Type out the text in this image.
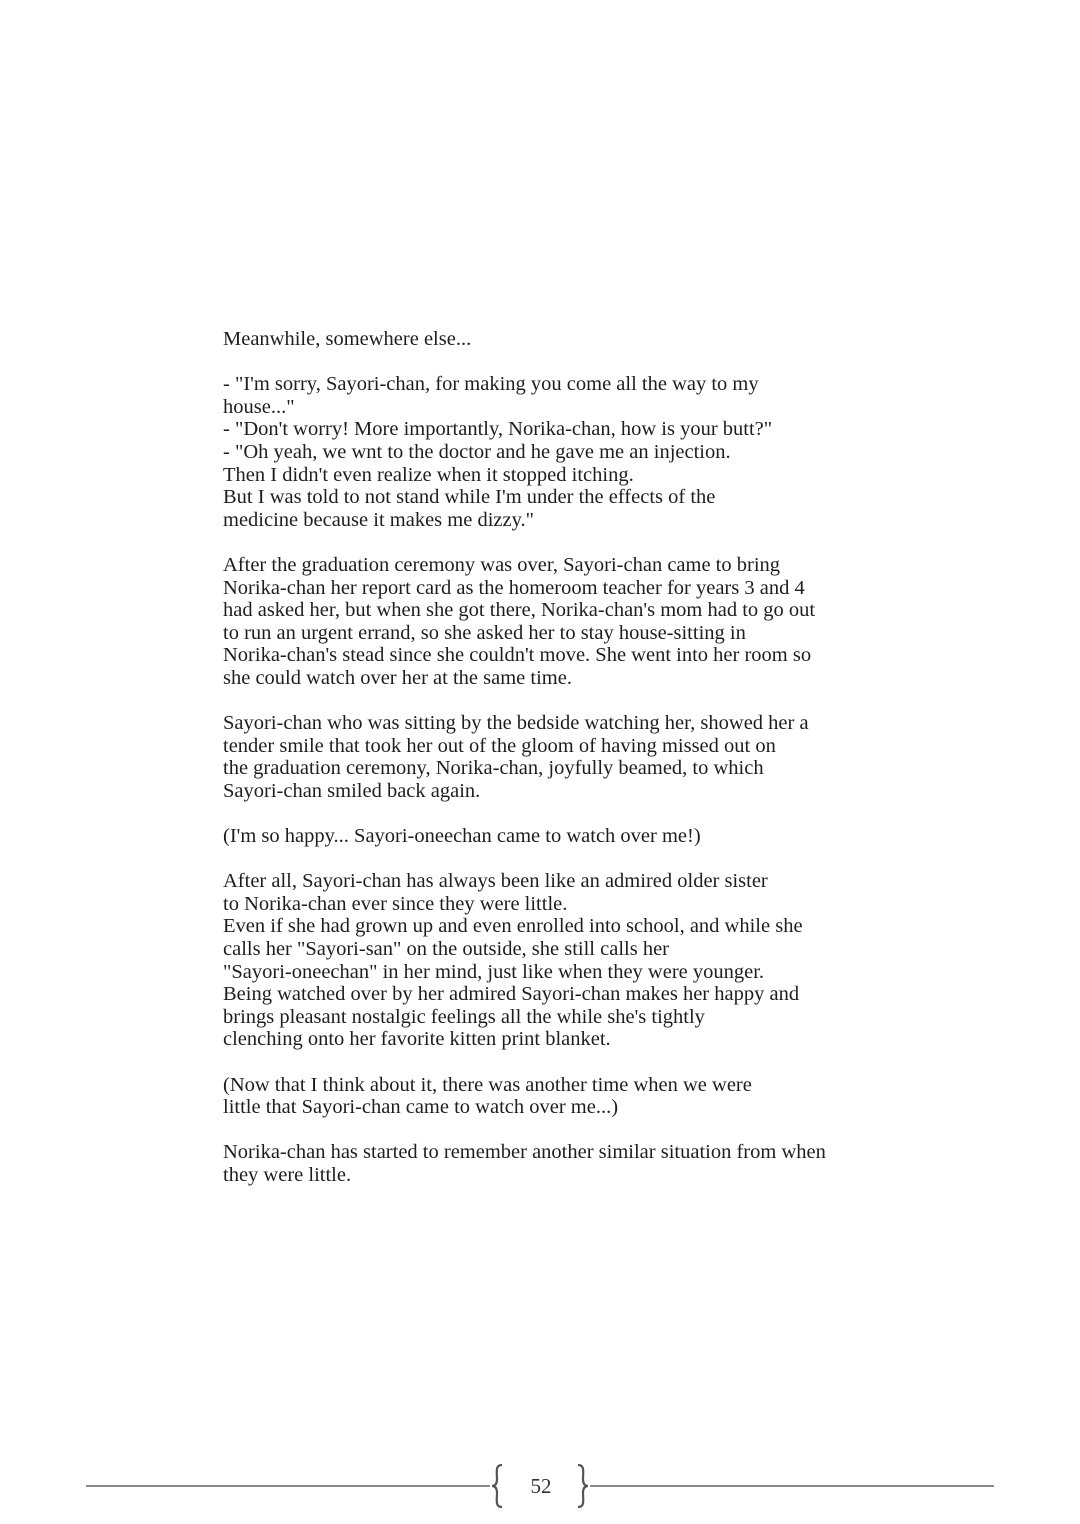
Meanwhile, somewhere else...
- "I'm sorry, Sayori-chan, for making you come all the way to my
house..."
- "Don't worry! More importantly, Norika-chan, how is your butt?"
- "Oh yeah, we wnt to the doctor and he gave me an injection.
Then I didn't even realize when it stopped itching.
But I was told to not stand while I'm under the effects of the
medicine because it makes me dizzy."
After the graduation ceremony was over, Sayori-chan came to bring
Norika-chan her report card as the homeroom teacher for years 3 and 4
had asked her, but when she got there, Norika-chan's mom had to go out
to run an urgent errand, so she asked her to stay house-sitting in
Norika-chan's stead since she couldn't move. She went into her room so
she could watch over her at the same time.
Sayori-chan who was sitting by the bedside watching her, showed her a
tender smile that took her out of the gloom of having missed out on
the graduation ceremony, Norika-chan, joyfully beamed, to which
Sayori-chan smiled back again.
(I'm so happy... Sayori-oneechan came to watch over me!)
After all, Sayori-chan has always been like an admired older sister
to Norika-chan ever since they were little.
Even if she had grown up and even enrolled into school, and while she
calls her "Sayori-san" on the outside, she still calls her
"Sayori-oneechan" in her mind, just like when they were younger.
Being watched over by her admired Sayori-chan makes her happy and
brings pleasant nostalgic feelings all the while she's tightly
clenching onto her favorite kitten print blanket.
(Now that I think about it, there was another time when we were
little that Sayori-chan came to watch over me...)
Norika-chan has started to remember another similar situation from when
they were little.
52
